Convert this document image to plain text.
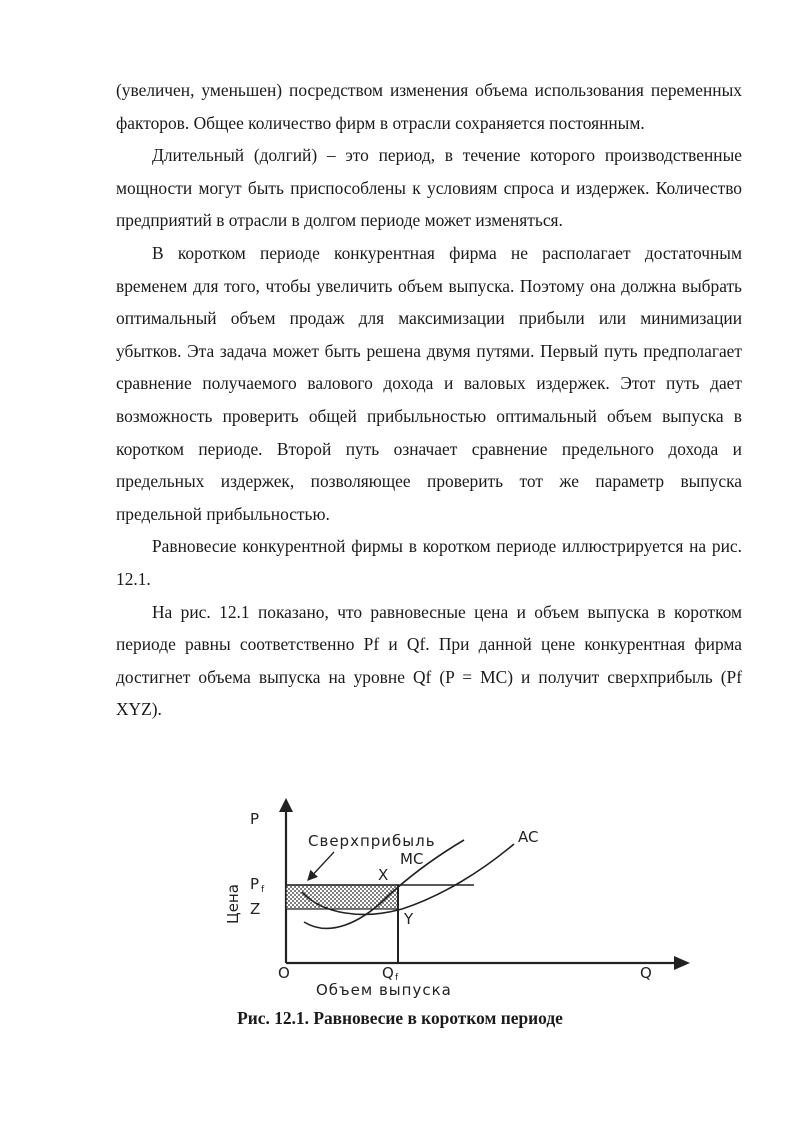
(увеличен, уменьшен) посредством изменения объема использования переменных факторов. Общее количество фирм в отрасли сохраняется постоянным.

Длительный (долгий) – это период, в течение которого производственные мощности могут быть приспособлены к условиям спроса и издержек. Количество предприятий в отрасли в долгом периоде может изменяться.

В коротком периоде конкурентная фирма не располагает достаточным временем для того, чтобы увеличить объем выпуска. Поэтому она должна выбрать оптимальный объем продаж для максимизации прибыли или минимизации убытков. Эта задача может быть решена двумя путями. Первый путь предполагает сравнение получаемого валового дохода и валовых издержек. Этот путь дает возможность проверить общей прибыльностью оптимальный объем выпуска в коротком периоде. Второй путь означает сравнение предельного дохода и предельных издержек, позволяющее проверить тот же параметр выпуска предельной прибыльностью.

Равновесие конкурентной фирмы в коротком периоде иллюстрируется на рис. 12.1.

На рис. 12.1 показано, что равновесные цена и объем выпуска в коротком периоде равны соответственно Pf и Qf. При данной цене конкурентная фирма достигнет объема выпуска на уровне Qf (P = MC) и получит сверхприбыль (Pf XYZ).

P
Цена
P f
Z
O	Q f	Q
Объем выпуска
X
Y
Сверхприбыль
MC
AC
Рис. 12.1. Равновесие в коротком периоде
